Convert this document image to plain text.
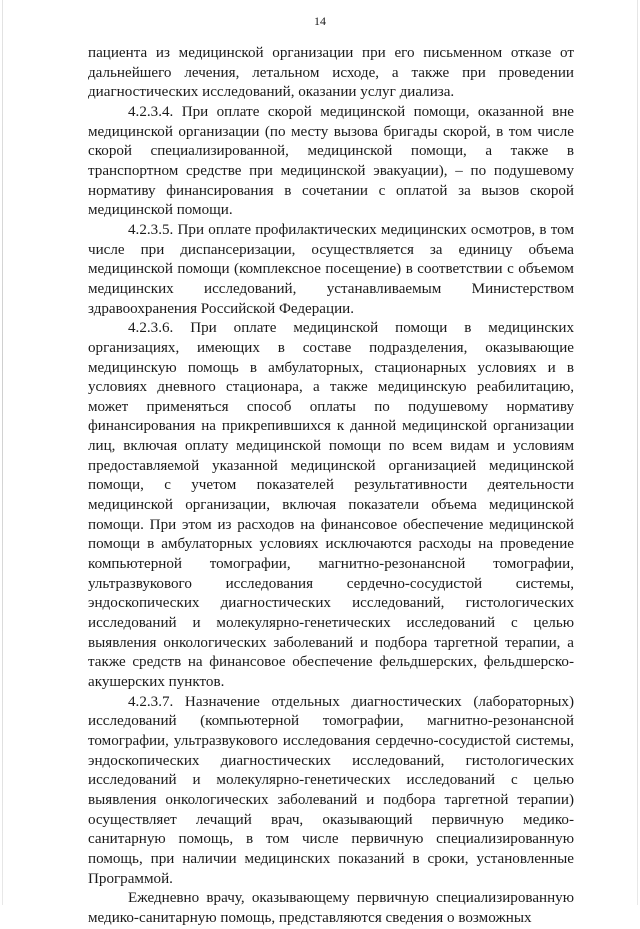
14

пациента из медицинской организации при его письменном отказе от дальнейшего лечения, летальном исходе, а также при проведении диагностических исследований, оказании услуг диализа.

4.2.3.4. При оплате скорой медицинской помощи, оказанной вне медицинской организации (по месту вызова бригады скорой, в том числе скорой специализированной, медицинской помощи, а также в транспортном средстве при медицинской эвакуации), – по подушевому нормативу финансирования в сочетании с оплатой за вызов скорой медицинской помощи.

4.2.3.5. При оплате профилактических медицинских осмотров, в том числе при диспансеризации, осуществляется за единицу объема медицинской помощи (комплексное посещение) в соответствии с объемом медицинских исследований, устанавливаемым Министерством здравоохранения Российской Федерации.

4.2.3.6. При оплате медицинской помощи в медицинских организациях, имеющих в составе подразделения, оказывающие медицинскую помощь в амбулаторных, стационарных условиях и в условиях дневного стационара, а также медицинскую реабилитацию, может применяться способ оплаты по подушевому нормативу финансирования на прикрепившихся к данной медицинской организации лиц, включая оплату медицинской помощи по всем видам и условиям предоставляемой указанной медицинской организацией медицинской помощи, с учетом показателей результативности деятельности медицинской организации, включая показатели объема медицинской помощи. При этом из расходов на финансовое обеспечение медицинской помощи в амбулаторных условиях исключаются расходы на проведение компьютерной томографии, магнитно-резонансной томографии, ультразвукового исследования сердечно-сосудистой системы, эндоскопических диагностических исследований, гистологических исследований и молекулярно-генетических исследований с целью выявления онкологических заболеваний и подбора таргетной терапии, а также средств на финансовое обеспечение фельдшерских, фельдшерско-акушерских пунктов.

4.2.3.7. Назначение отдельных диагностических (лабораторных) исследований (компьютерной томографии, магнитно-резонансной томографии, ультразвукового исследования сердечно-сосудистой системы, эндоскопических диагностических исследований, гистологических исследований и молекулярно-генетических исследований с целью выявления онкологических заболеваний и подбора таргетной терапии) осуществляет лечащий врач, оказывающий первичную медико-санитарную помощь, в том числе первичную специализированную помощь, при наличии медицинских показаний в сроки, установленные Программой.

Ежедневно врачу, оказывающему первичную специализированную медико-санитарную помощь, представляются сведения о возможных
